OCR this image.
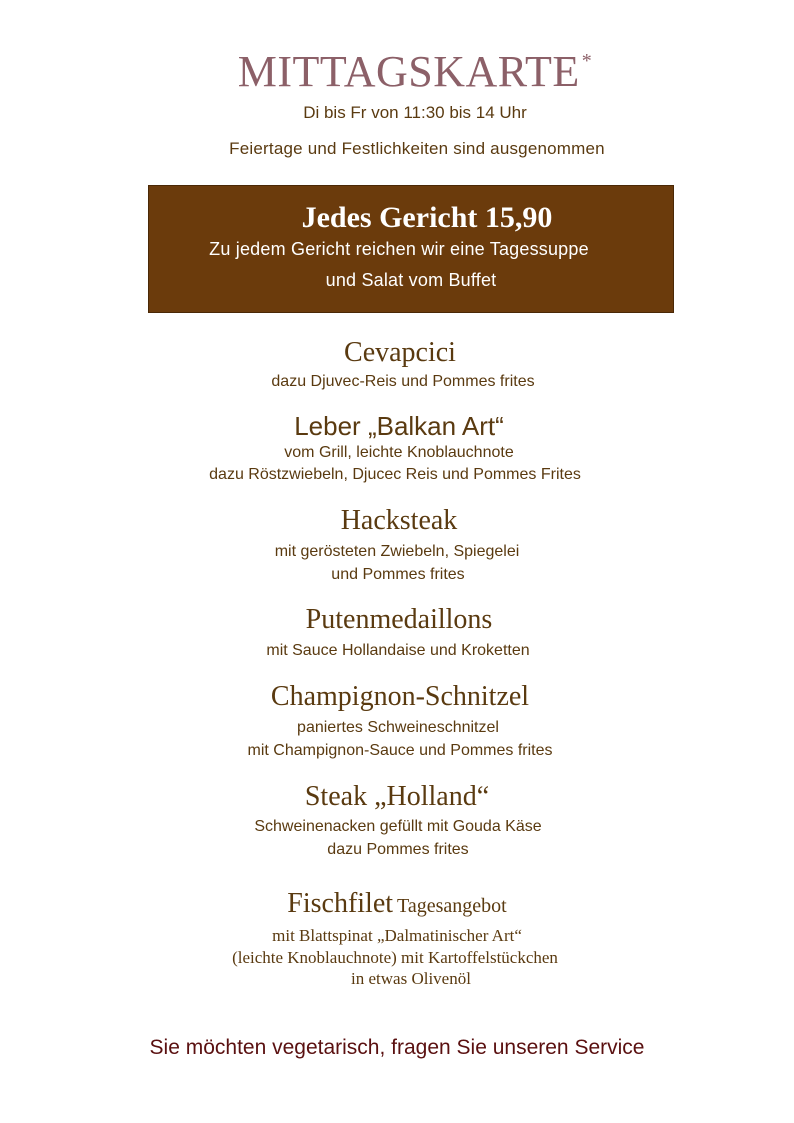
MITTAGSKARTE *
Di bis Fr von 11:30 bis 14 Uhr
Feiertage und Festlichkeiten sind ausgenommen
Jedes Gericht 15,90
Zu jedem Gericht reichen wir eine Tagessuppe
und Salat vom Buffet
Cevapcici
dazu Djuvec-Reis und Pommes frites
Leber „Balkan Art“
vom Grill, leichte Knoblauchnote
dazu Röstzwiebeln, Djucec Reis und Pommes Frites
Hacksteak
mit gerösteten Zwiebeln, Spiegelei
und Pommes frites
Putenmedaillons
mit Sauce Hollandaise und Kroketten
Champignon-Schnitzel
paniertes Schweineschnitzel
mit Champignon-Sauce und Pommes frites
Steak „Holland“
Schweinenacken gefüllt mit Gouda Käse
dazu Pommes frites
Fischfilet Tagesangebot
mit Blattspinat „Dalmatinischer Art“
(leichte Knoblauchnote) mit Kartoffelstückchen
in etwas Olivenöl
Sie möchten vegetarisch, fragen Sie unseren Service
